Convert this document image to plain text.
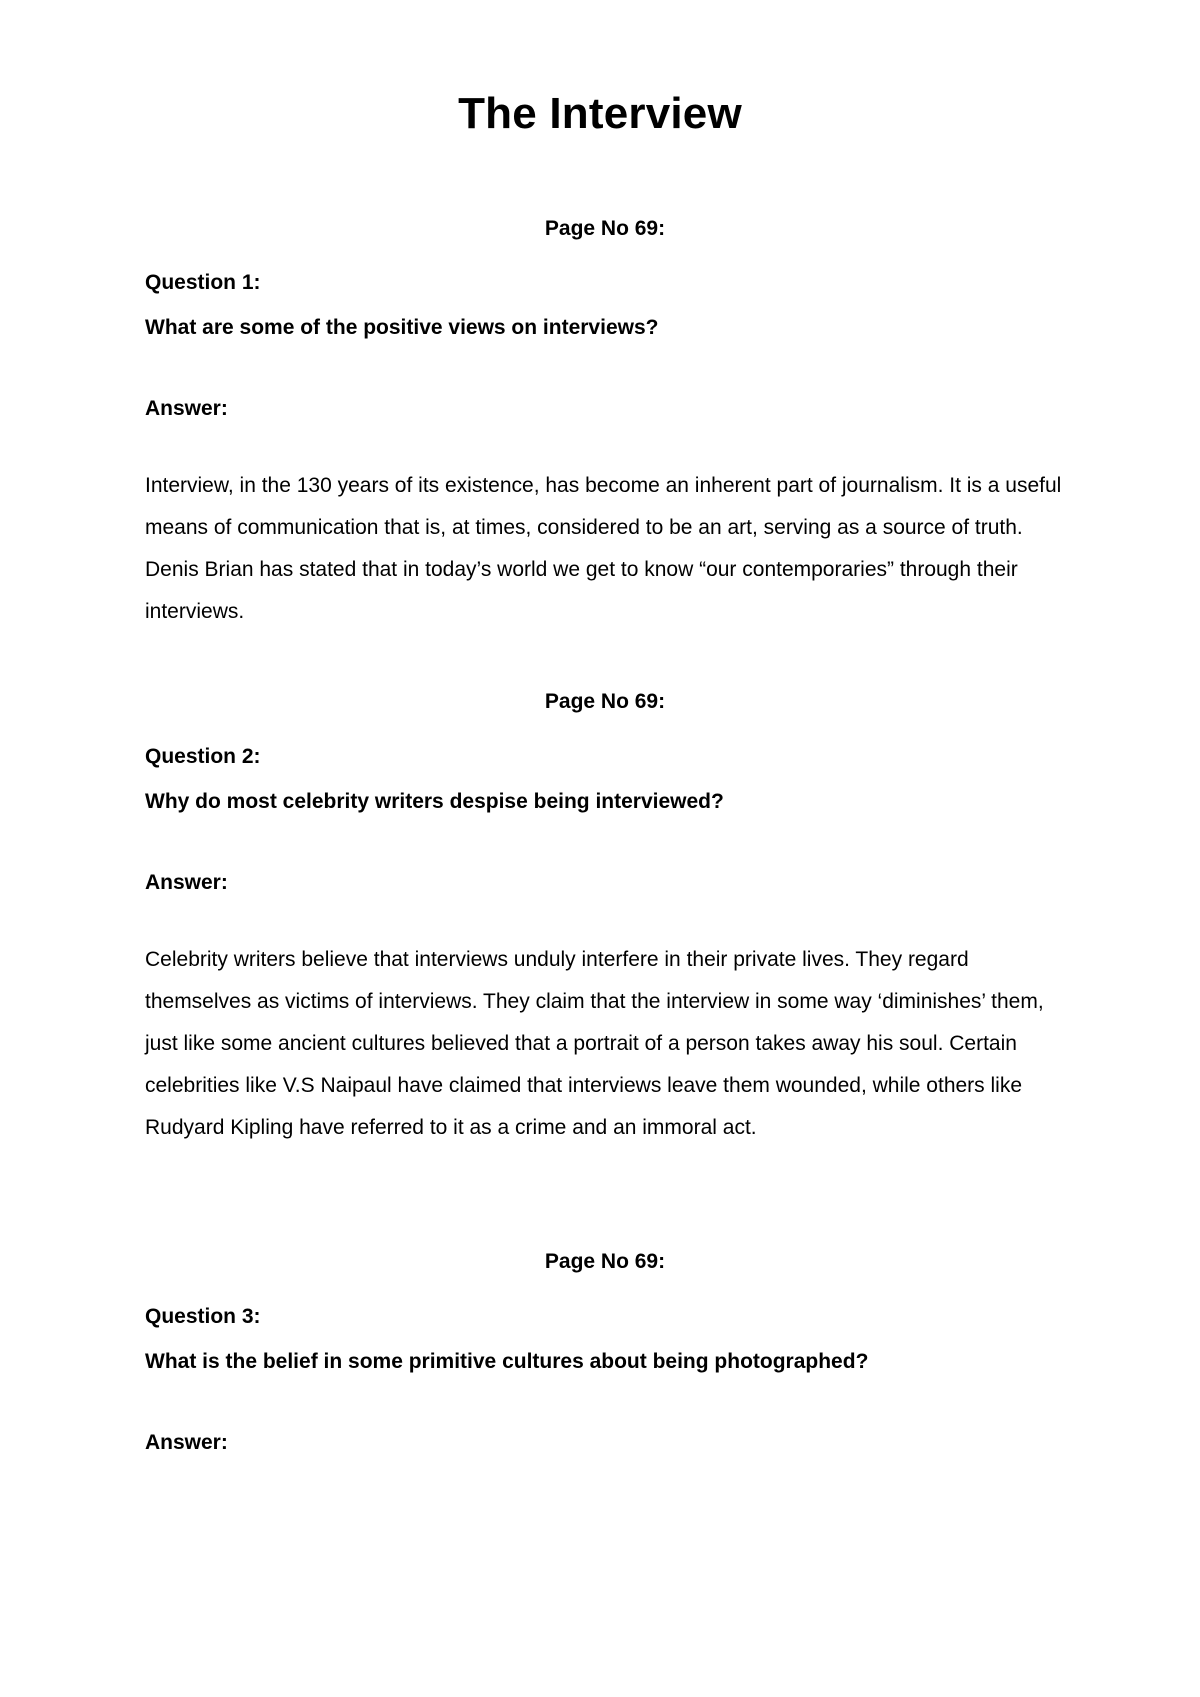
The Interview

Page No 69:

Question 1:

What are some of the positive views on interviews?

Answer:

Interview, in the 130 years of its existence, has become an inherent part of journalism. It is a useful means of communication that is, at times, considered to be an art, serving as a source of truth. Denis Brian has stated that in today’s world we get to know “our contemporaries” through their interviews.

Page No 69:

Question 2:

Why do most celebrity writers despise being interviewed?

Answer:

Celebrity writers believe that interviews unduly interfere in their private lives. They regard themselves as victims of interviews. They claim that the interview in some way ‘diminishes’ them, just like some ancient cultures believed that a portrait of a person takes away his soul. Certain celebrities like V.S Naipaul have claimed that interviews leave them wounded, while others like Rudyard Kipling have referred to it as a crime and an immoral act.

Page No 69:

Question 3:

What is the belief in some primitive cultures about being photographed?

Answer:
